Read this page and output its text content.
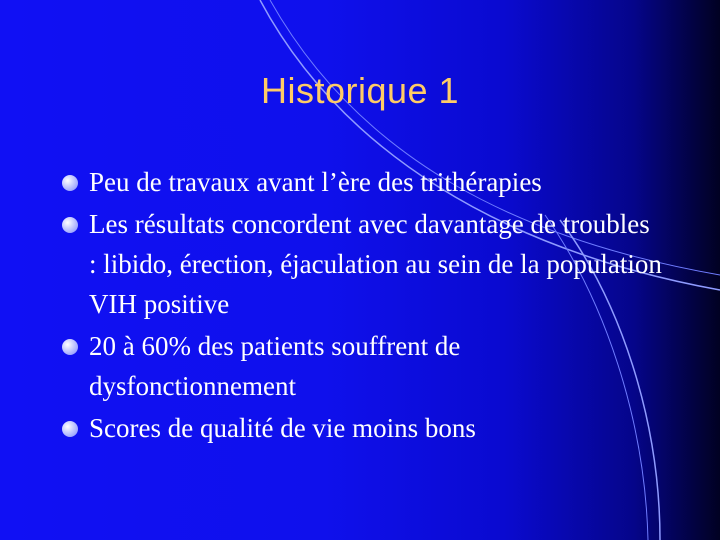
Historique 1
Peu de travaux avant l’ère des trithérapies
Les résultats concordent avec davantage de troubles : libido, érection, éjaculation au sein de la population VIH positive
20 à 60% des patients souffrent de dysfonctionnement
Scores de qualité de vie moins bons
